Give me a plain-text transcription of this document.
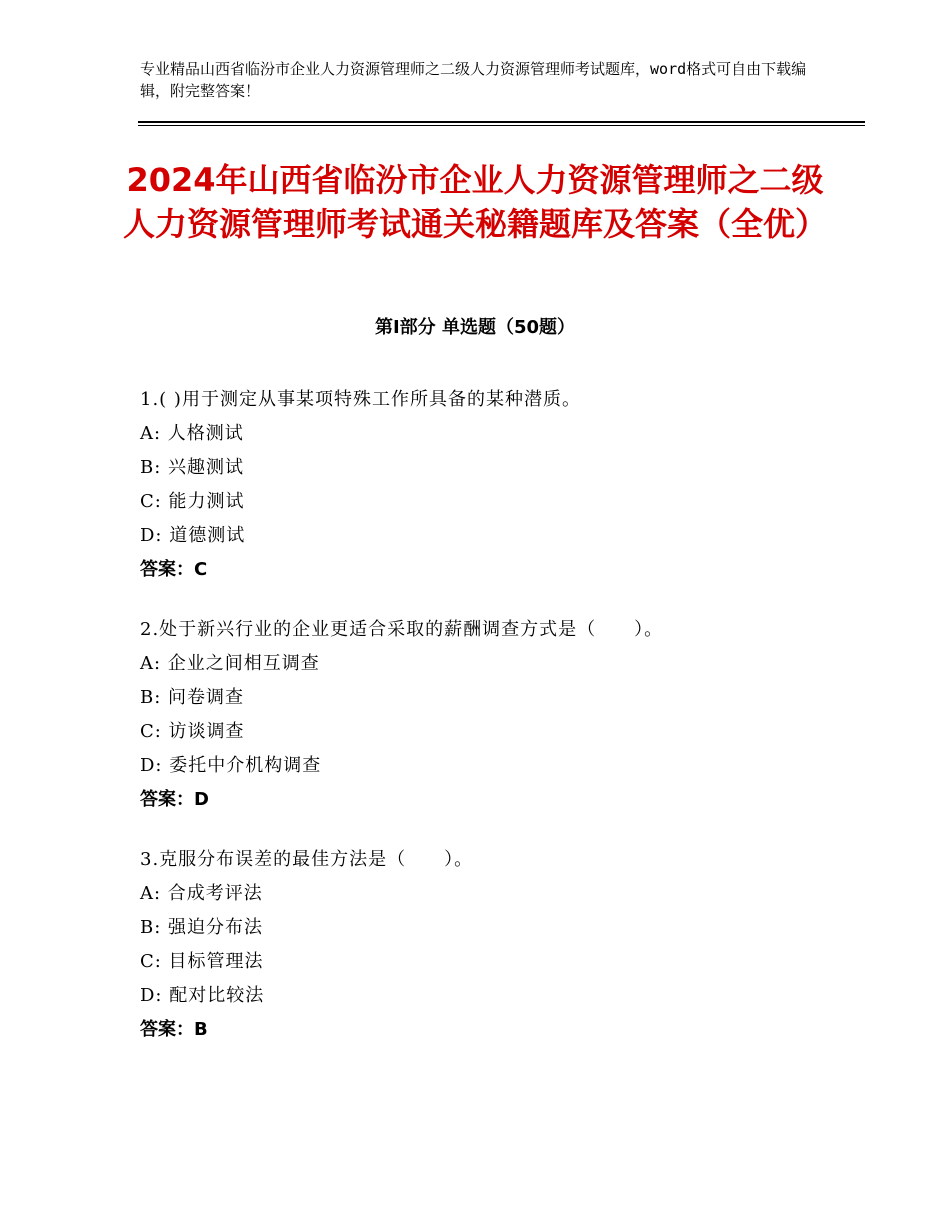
专业精品山西省临汾市企业人力资源管理师之二级人力资源管理师考试题库，word格式可自由下载编辑，附完整答案！
2024年山西省临汾市企业人力资源管理师之二级人力资源管理师考试通关秘籍题库及答案（全优）
第Ⅰ部分 单选题（50题）
1.( )用于测定从事某项特殊工作所具备的某种潜质。
A: 人格测试
B: 兴趣测试
C: 能力测试
D: 道德测试
答案：C
2.处于新兴行业的企业更适合采取的薪酬调查方式是（　　）。
A: 企业之间相互调查
B: 问卷调查
C: 访谈调查
D: 委托中介机构调查
答案：D
3.克服分布误差的最佳方法是（　　）。
A: 合成考评法
B: 强迫分布法
C: 目标管理法
D: 配对比较法
答案：B
